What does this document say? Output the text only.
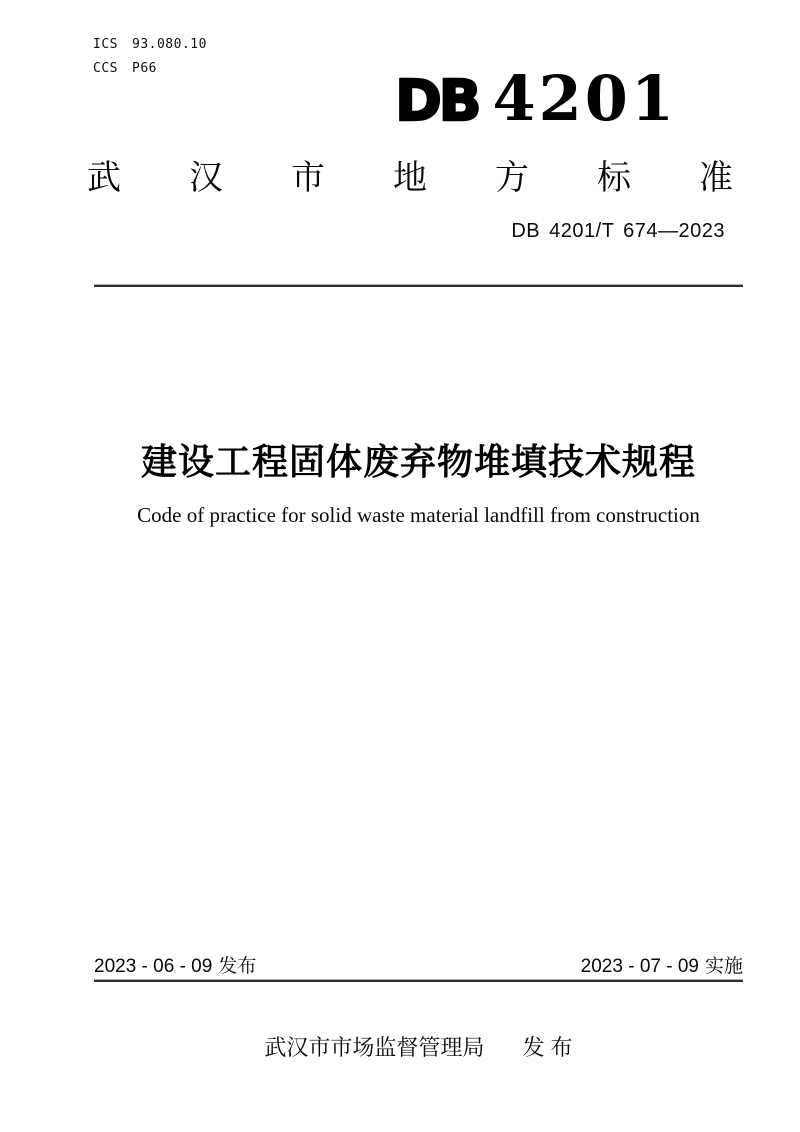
ICS 93.080.10
CCS P66
DB 4201
武 汉 市 地 方 标 准
DB 4201/T 674—2023
建设工程固体废弃物堆填技术规程
Code of practice for solid waste material landfill from construction
2023 - 06 - 09 发布	2023 - 07 - 09 实施
武汉市市场监督管理局 发 布
